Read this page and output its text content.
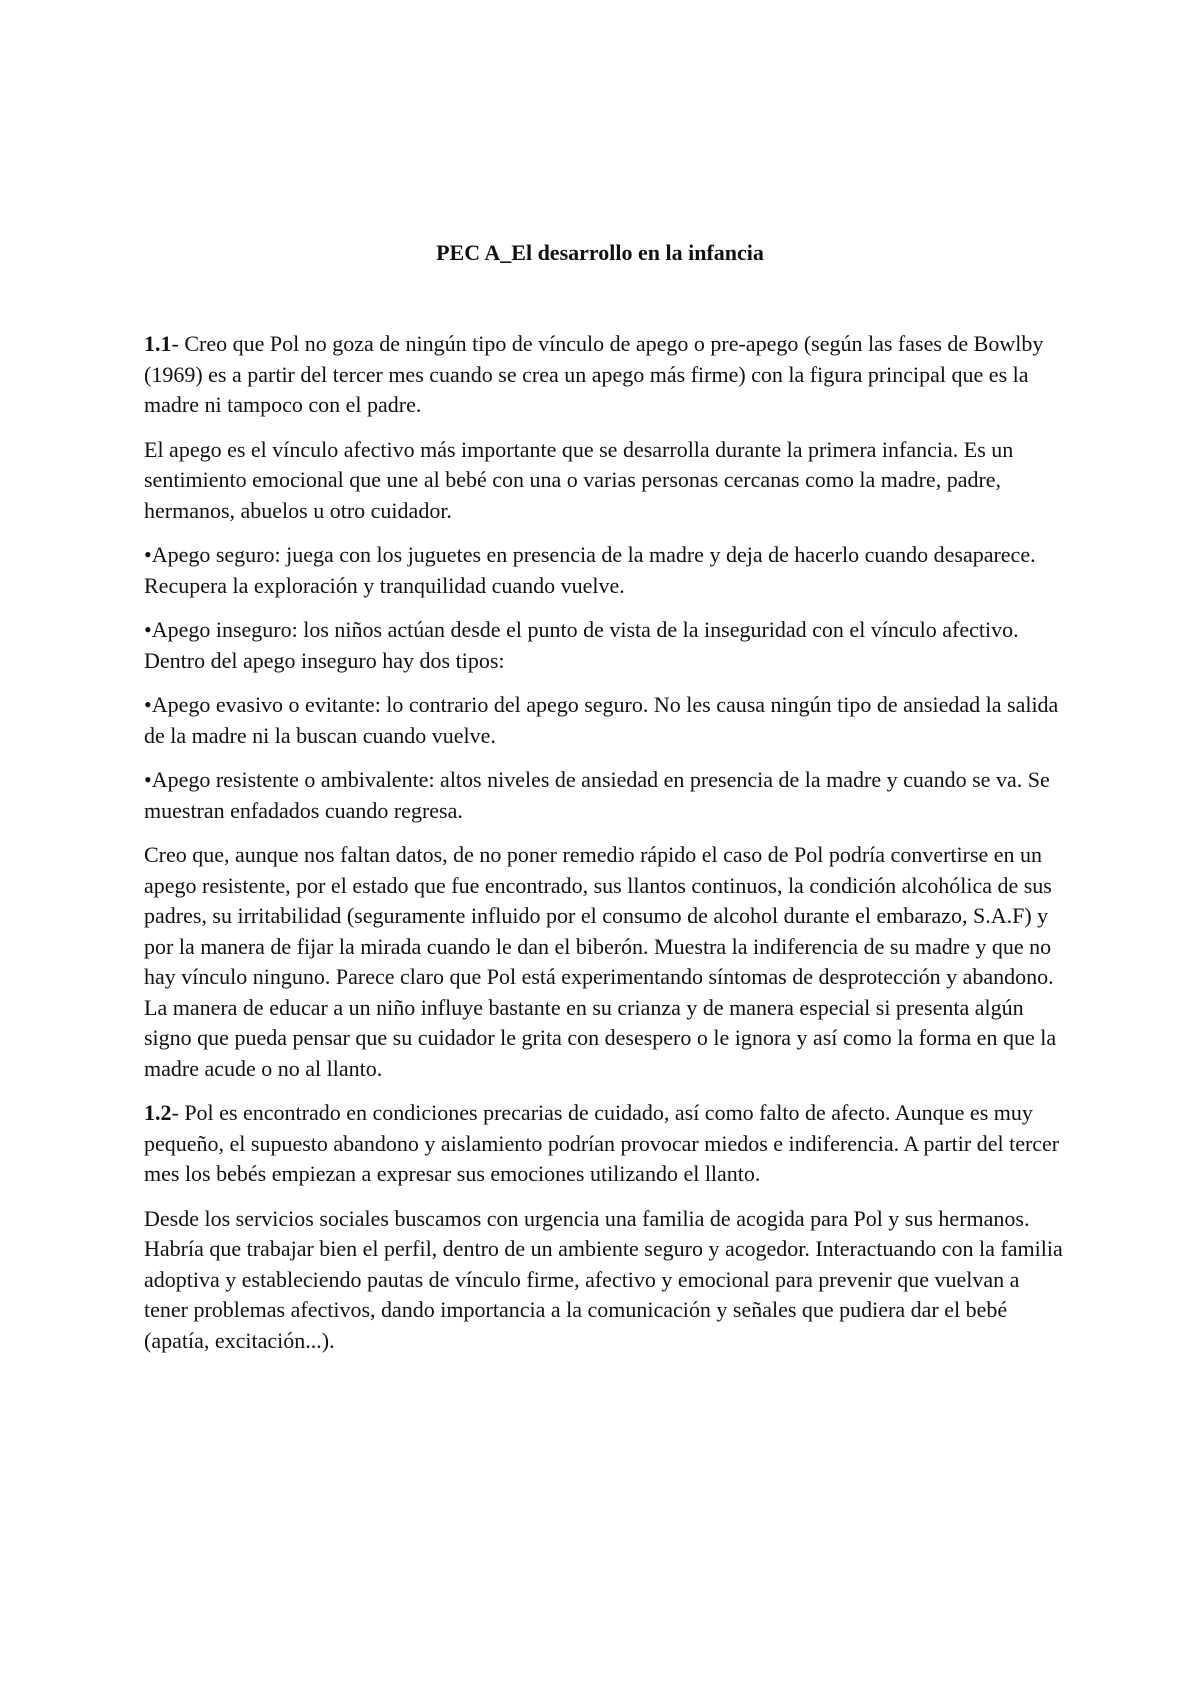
PEC A_El desarrollo en la infancia

1.1- Creo que Pol no goza de ningún tipo de vínculo de apego o pre-apego (según las fases de Bowlby (1969) es a partir del tercer mes cuando se crea un apego más firme) con la figura principal que es la madre ni tampoco con el padre.

El apego es el vínculo afectivo más importante que se desarrolla durante la primera infancia. Es un sentimiento emocional que une al bebé con una o varias personas cercanas como la madre, padre, hermanos, abuelos u otro cuidador.

•Apego seguro: juega con los juguetes en presencia de la madre y deja de hacerlo cuando desaparece. Recupera la exploración y tranquilidad cuando vuelve.

•Apego inseguro: los niños actúan desde el punto de vista de la inseguridad con el vínculo afectivo. Dentro del apego inseguro hay dos tipos:

•Apego evasivo o evitante: lo contrario del apego seguro. No les causa ningún tipo de ansiedad la salida de la madre ni la buscan cuando vuelve.

•Apego resistente o ambivalente: altos niveles de ansiedad en presencia de la madre y cuando se va. Se muestran enfadados cuando regresa.

Creo que, aunque nos faltan datos, de no poner remedio rápido el caso de Pol podría convertirse en un apego resistente, por el estado que fue encontrado, sus llantos continuos, la condición alcohólica de sus padres, su irritabilidad (seguramente influido por el consumo de alcohol durante el embarazo, S.A.F) y por la manera de fijar la mirada cuando le dan el biberón. Muestra la indiferencia de su madre y que no hay vínculo ninguno. Parece claro que Pol está experimentando síntomas de desprotección y abandono. La manera de educar a un niño influye bastante en su crianza y de manera especial si presenta algún signo que pueda pensar que su cuidador le grita con desespero o le ignora y así como la forma en que la madre acude o no al llanto.

1.2- Pol es encontrado en condiciones precarias de cuidado, así como falto de afecto. Aunque es muy pequeño, el supuesto abandono y aislamiento podrían provocar miedos e indiferencia. A partir del tercer mes los bebés empiezan a expresar sus emociones utilizando el llanto.

Desde los servicios sociales buscamos con urgencia una familia de acogida para Pol y sus hermanos. Habría que trabajar bien el perfil, dentro de un ambiente seguro y acogedor. Interactuando con la familia adoptiva y estableciendo pautas de vínculo firme, afectivo y emocional para prevenir que vuelvan a tener problemas afectivos, dando importancia a la comunicación y señales que pudiera dar el bebé (apatía, excitación...).
